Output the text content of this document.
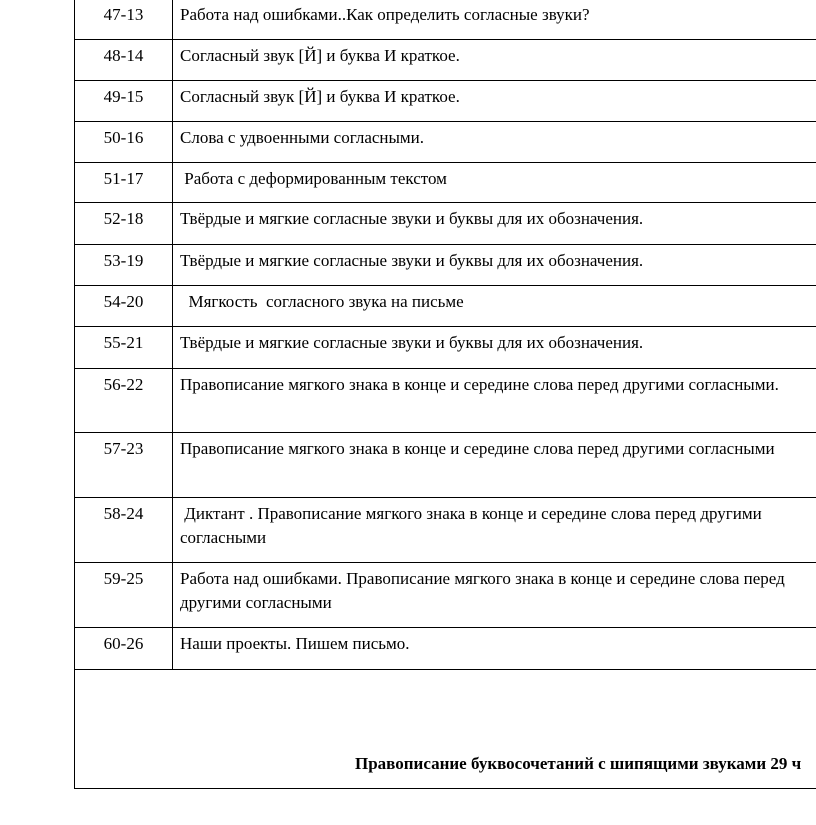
47-13	Работа над ошибками..Как определить согласные звуки?
48-14	Согласный звук [Й] и буква И краткое.
49-15	Согласный звук [Й] и буква И краткое.
50-16	Слова с удвоенными согласными.
51-17	Работа с деформированным текстом
52-18	Твёрдые и мягкие согласные звуки и буквы для их обозначения.
53-19	Твёрдые и мягкие согласные звуки и буквы для их обозначения.
54-20	Мягкость  согласного звука на письме
55-21	Твёрдые и мягкие согласные звуки и буквы для их обозначения.
56-22	Правописание мягкого знака в конце и середине слова перед другими согласными.
57-23	Правописание мягкого знака в конце и середине слова перед другими согласными
58-24	Диктант . Правописание мягкого знака в конце и середине слова перед другими согласными
59-25	Работа над ошибками. Правописание мягкого знака в конце и середине слова перед другими согласными
60-26	Наши проекты. Пишем письмо.

Правописание буквосочетаний с шипящими звуками 29 ч	
